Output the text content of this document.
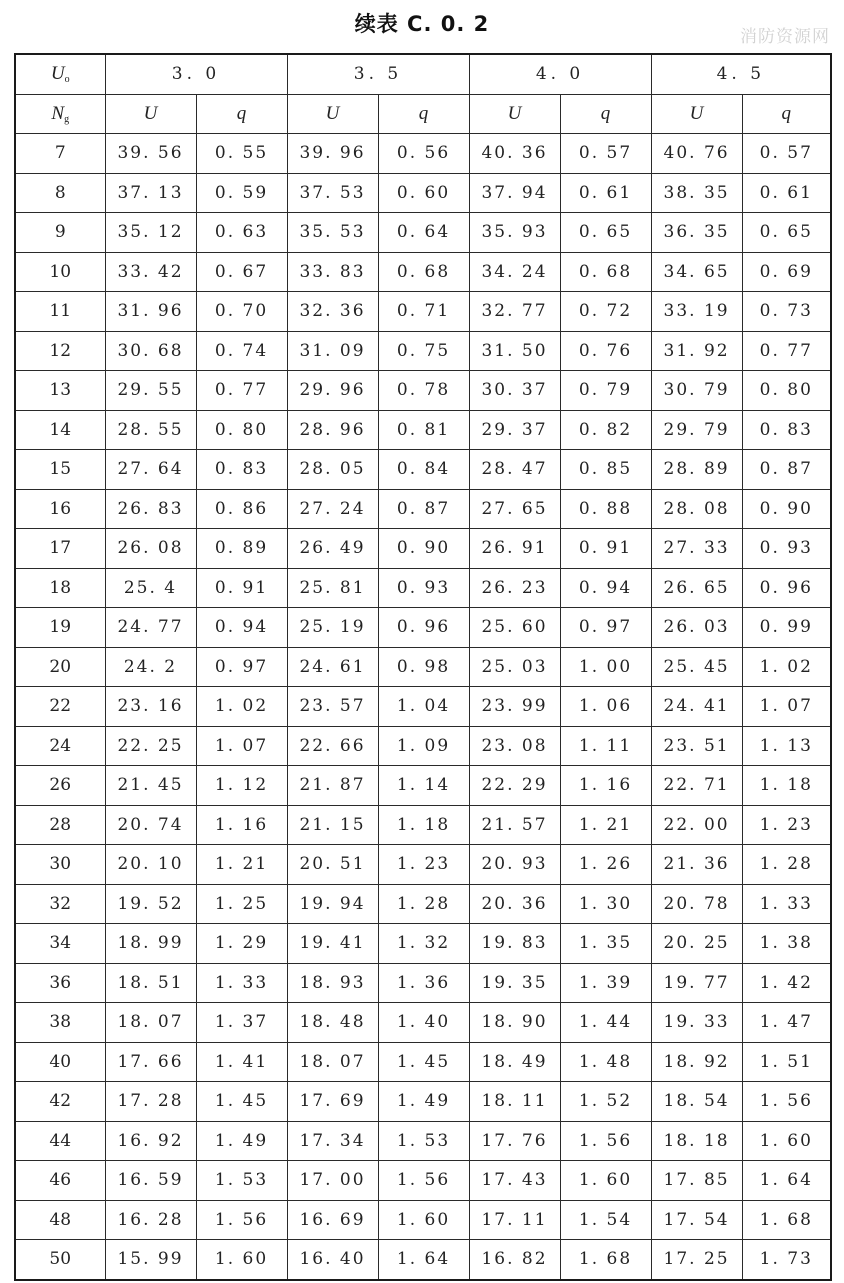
续表 C. 0. 2
消防资源网
$U_o$	3. 0		3. 5		4. 0		4. 5	
$N_g$	U	q	U	q	U	q	U	q
7	39. 56	0. 55	39. 96	0. 56	40. 36	0. 57	40. 76	0. 57
8	37. 13	0. 59	37. 53	0. 60	37. 94	0. 61	38. 35	0. 61
9	35. 12	0. 63	35. 53	0. 64	35. 93	0. 65	36. 35	0. 65
10	33. 42	0. 67	33. 83	0. 68	34. 24	0. 68	34. 65	0. 69
11	31. 96	0. 70	32. 36	0. 71	32. 77	0. 72	33. 19	0. 73
12	30. 68	0. 74	31. 09	0. 75	31. 50	0. 76	31. 92	0. 77
13	29. 55	0. 77	29. 96	0. 78	30. 37	0. 79	30. 79	0. 80
14	28. 55	0. 80	28. 96	0. 81	29. 37	0. 82	29. 79	0. 83
15	27. 64	0. 83	28. 05	0. 84	28. 47	0. 85	28. 89	0. 87
16	26. 83	0. 86	27. 24	0. 87	27. 65	0. 88	28. 08	0. 90
17	26. 08	0. 89	26. 49	0. 90	26. 91	0. 91	27. 33	0. 93
18	25. 4	0. 91	25. 81	0. 93	26. 23	0. 94	26. 65	0. 96
19	24. 77	0. 94	25. 19	0. 96	25. 60	0. 97	26. 03	0. 99
20	24. 2	0. 97	24. 61	0. 98	25. 03	1. 00	25. 45	1. 02
22	23. 16	1. 02	23. 57	1. 04	23. 99	1. 06	24. 41	1. 07
24	22. 25	1. 07	22. 66	1. 09	23. 08	1. 11	23. 51	1. 13
26	21. 45	1. 12	21. 87	1. 14	22. 29	1. 16	22. 71	1. 18
28	20. 74	1. 16	21. 15	1. 18	21. 57	1. 21	22. 00	1. 23
30	20. 10	1. 21	20. 51	1. 23	20. 93	1. 26	21. 36	1. 28
32	19. 52	1. 25	19. 94	1. 28	20. 36	1. 30	20. 78	1. 33
34	18. 99	1. 29	19. 41	1. 32	19. 83	1. 35	20. 25	1. 38
36	18. 51	1. 33	18. 93	1. 36	19. 35	1. 39	19. 77	1. 42
38	18. 07	1. 37	18. 48	1. 40	18. 90	1. 44	19. 33	1. 47
40	17. 66	1. 41	18. 07	1. 45	18. 49	1. 48	18. 92	1. 51
42	17. 28	1. 45	17. 69	1. 49	18. 11	1. 52	18. 54	1. 56
44	16. 92	1. 49	17. 34	1. 53	17. 76	1. 56	18. 18	1. 60
46	16. 59	1. 53	17. 00	1. 56	17. 43	1. 60	17. 85	1. 64
48	16. 28	1. 56	16. 69	1. 60	17. 11	1. 54	17. 54	1. 68
50	15. 99	1. 60	16. 40	1. 64	16. 82	1. 68	17. 25	1. 73
